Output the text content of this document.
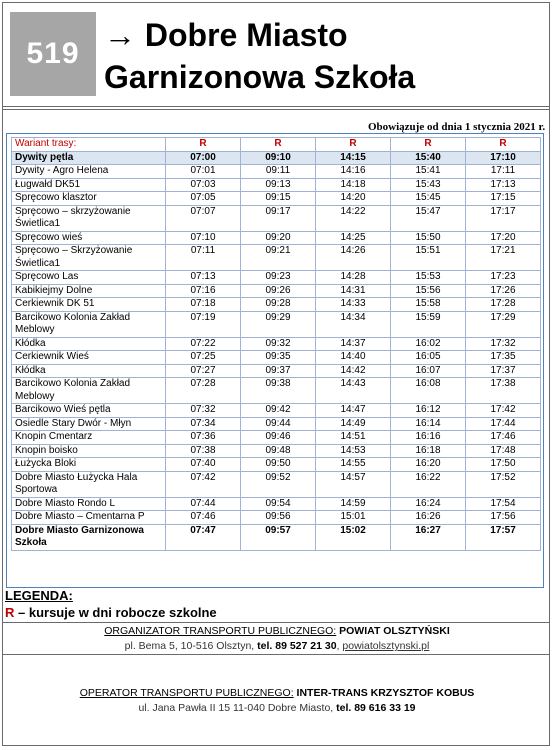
519
→ Dobre Miasto
Garnizonowa Szkoła
Obowiązuje od dnia 1 stycznia 2021 r.
Wariant trasy:	R	R	R	R	R
Dywity pętla	07:00	09:10	14:15	15:40	17:10
Dywity - Agro Helena	07:01	09:11	14:16	15:41	17:11
Ługwałd DK51	07:03	09:13	14:18	15:43	17:13
Spręcowo klasztor	07:05	09:15	14:20	15:45	17:15
Spręcowo – skrzyżowanie Świetlica1	07:07	09:17	14:22	15:47	17:17
Spręcowo wieś	07:10	09:20	14:25	15:50	17:20
Spręcowo – Skrzyżowanie Świetlica1	07:11	09:21	14:26	15:51	17:21
Spręcowo Las	07:13	09:23	14:28	15:53	17:23
Kabikiejmy Dolne	07:16	09:26	14:31	15:56	17:26
Cerkiewnik DK 51	07:18	09:28	14:33	15:58	17:28
Barcikowo Kolonia Zakład Meblowy	07:19	09:29	14:34	15:59	17:29
Kłódka	07:22	09:32	14:37	16:02	17:32
Cerkiewnik Wieś	07:25	09:35	14:40	16:05	17:35
Kłódka	07:27	09:37	14:42	16:07	17:37
Barcikowo Kolonia Zakład Meblowy	07:28	09:38	14:43	16:08	17:38
Barcikowo Wieś pętla	07:32	09:42	14:47	16:12	17:42
Osiedle Stary Dwór - Młyn	07:34	09:44	14:49	16:14	17:44
Knopin Cmentarz	07:36	09:46	14:51	16:16	17:46
Knopin boisko	07:38	09:48	14:53	16:18	17:48
Łużycka Bloki	07:40	09:50	14:55	16:20	17:50
Dobre Miasto Łużycka Hala Sportowa	07:42	09:52	14:57	16:22	17:52
Dobre Miasto Rondo L	07:44	09:54	14:59	16:24	17:54
Dobre Miasto – Cmentarna P	07:46	09:56	15:01	16:26	17:56
Dobre Miasto Garnizonowa Szkoła	07:47	09:57	15:02	16:27	17:57
LEGENDA:
R – kursuje w dni robocze szkolne
ORGANIZATOR TRANSPORTU PUBLICZNEGO: POWIAT OLSZTYŃSKI
pl. Bema 5, 10-516 Olsztyn, tel. 89 527 21 30, powiatolsztynski.pl
OPERATOR TRANSPORTU PUBLICZNEGO: INTER-TRANS KRZYSZTOF KOBUS
ul. Jana Pawła II 15 11-040 Dobre Miasto, tel. 89 616 33 19
